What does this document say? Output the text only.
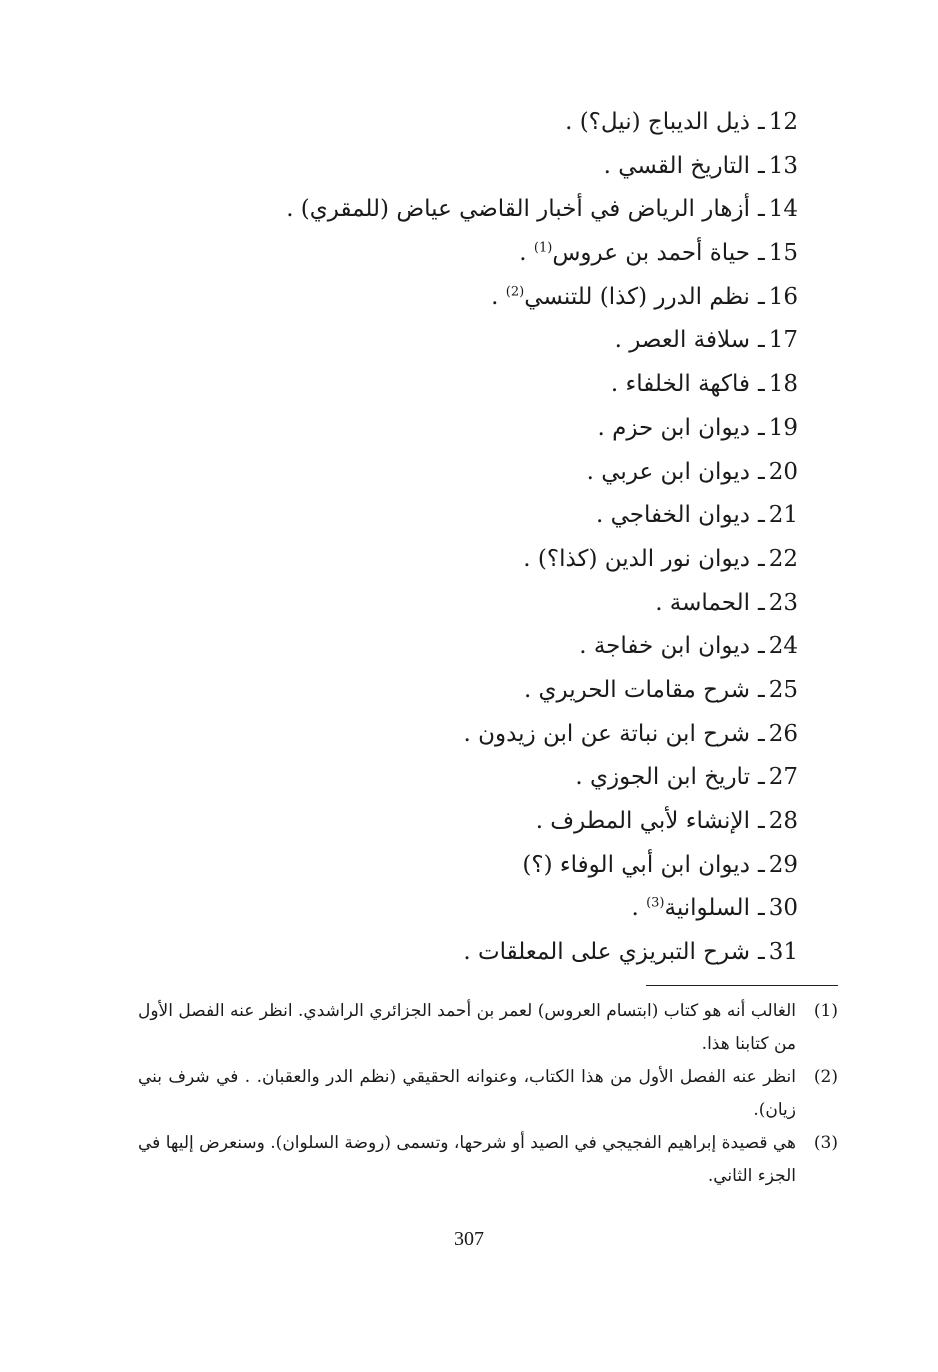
12ـذيل الديباج (نيل؟) .
13ـالتاريخ القسي .
14ـأزهار الرياض في أخبار القاضي عياض (للمقري) .
15ـحياة أحمد بن عروس$^{(1)}$ .
16ـنظم الدرر (كذا) للتنسي$^{(2)}$ .
17ـسلافة العصر .
18ـفاكهة الخلفاء .
19ـديوان ابن حزم .
20ـديوان ابن عربي .
21ـديوان الخفاجي .
22ـديوان نور الدين (كذا؟) .
23ـالحماسة .
24ـديوان ابن خفاجة .
25ـشرح مقامات الحريري .
26ـشرح ابن نباتة عن ابن زيدون .
27ـتاريخ ابن الجوزي .
28ـالإنشاء لأبي المطرف .
29ـديوان ابن أبي الوفاء (؟)
30ـالسلوانية$^{(3)}$ .
31ـشرح التبريزي على المعلقات .

(1)
الغالب أنه هو كتاب (ابتسام العروس) لعمر بن أحمد الجزائري الراشدي. انظر عنه الفصل الأول من كتابنا هذا.

(2)
انظر عنه الفصل الأول من هذا الكتاب، وعنوانه الحقيقي (نظم الدر والعقبان. . في شرف بني زيان).

(3)
هي قصيدة إبراهيم الفجيجي في الصيد أو شرحها، وتسمى (روضة السلوان). وسنعرض إليها في الجزء الثاني.

307
